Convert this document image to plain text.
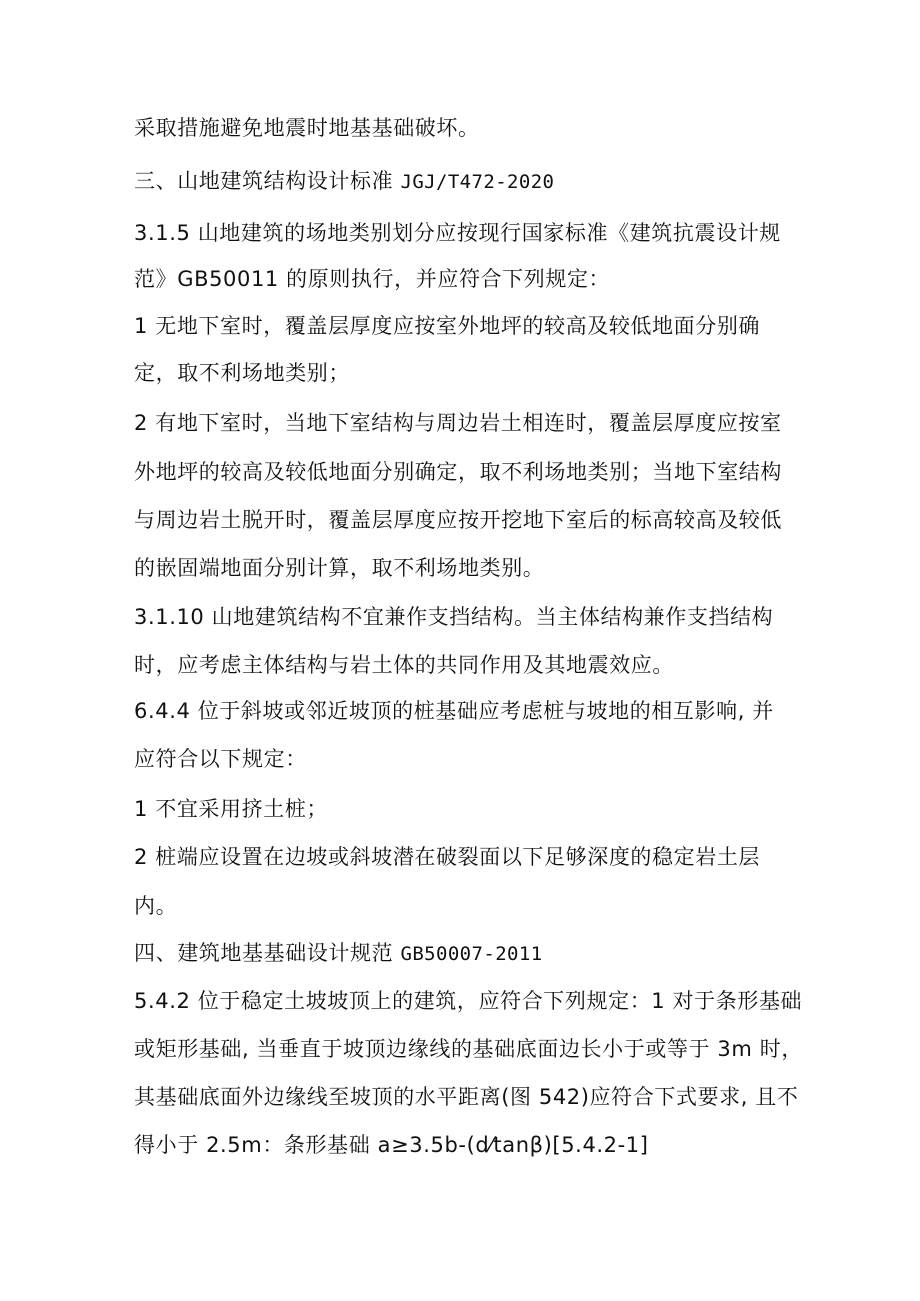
采取措施避免地震时地基基础破坏。
三、山地建筑结构设计标准 JGJ/T472-2020
3.1.5 山地建筑的场地类别划分应按现行国家标准《建筑抗震设计规
范》GB50011 的原则执行，并应符合下列规定：
1 无地下室时，覆盖层厚度应按室外地坪的较高及较低地面分别确
定，取不利场地类别；
2 有地下室时，当地下室结构与周边岩土相连时，覆盖层厚度应按室
外地坪的较高及较低地面分别确定，取不利场地类别；当地下室结构
与周边岩土脱开时，覆盖层厚度应按开挖地下室后的标高较高及较低
的嵌固端地面分别计算，取不利场地类别。
3.1.10 山地建筑结构不宜兼作支挡结构。当主体结构兼作支挡结构
时，应考虑主体结构与岩土体的共同作用及其地震效应。
6.4.4 位于斜坡或邻近坡顶的桩基础应考虑桩与坡地的相互影响, 并
应符合以下规定：
1 不宜采用挤土桩；
2 桩端应设置在边坡或斜坡潜在破裂面以下足够深度的稳定岩土层
内。
四、建筑地基基础设计规范 GB50007-2011
5.4.2 位于稳定土坡坡顶上的建筑，应符合下列规定：1 对于条形基础
或矩形基础, 当垂直于坡顶边缘线的基础底面边长小于或等于 3m 时，
其基础底面外边缘线至坡顶的水平距离(图 542)应符合下式要求, 且不
得小于 2.5m：条形基础 a≥3.5b-(d⁄tanβ)[5.4.2-1]
